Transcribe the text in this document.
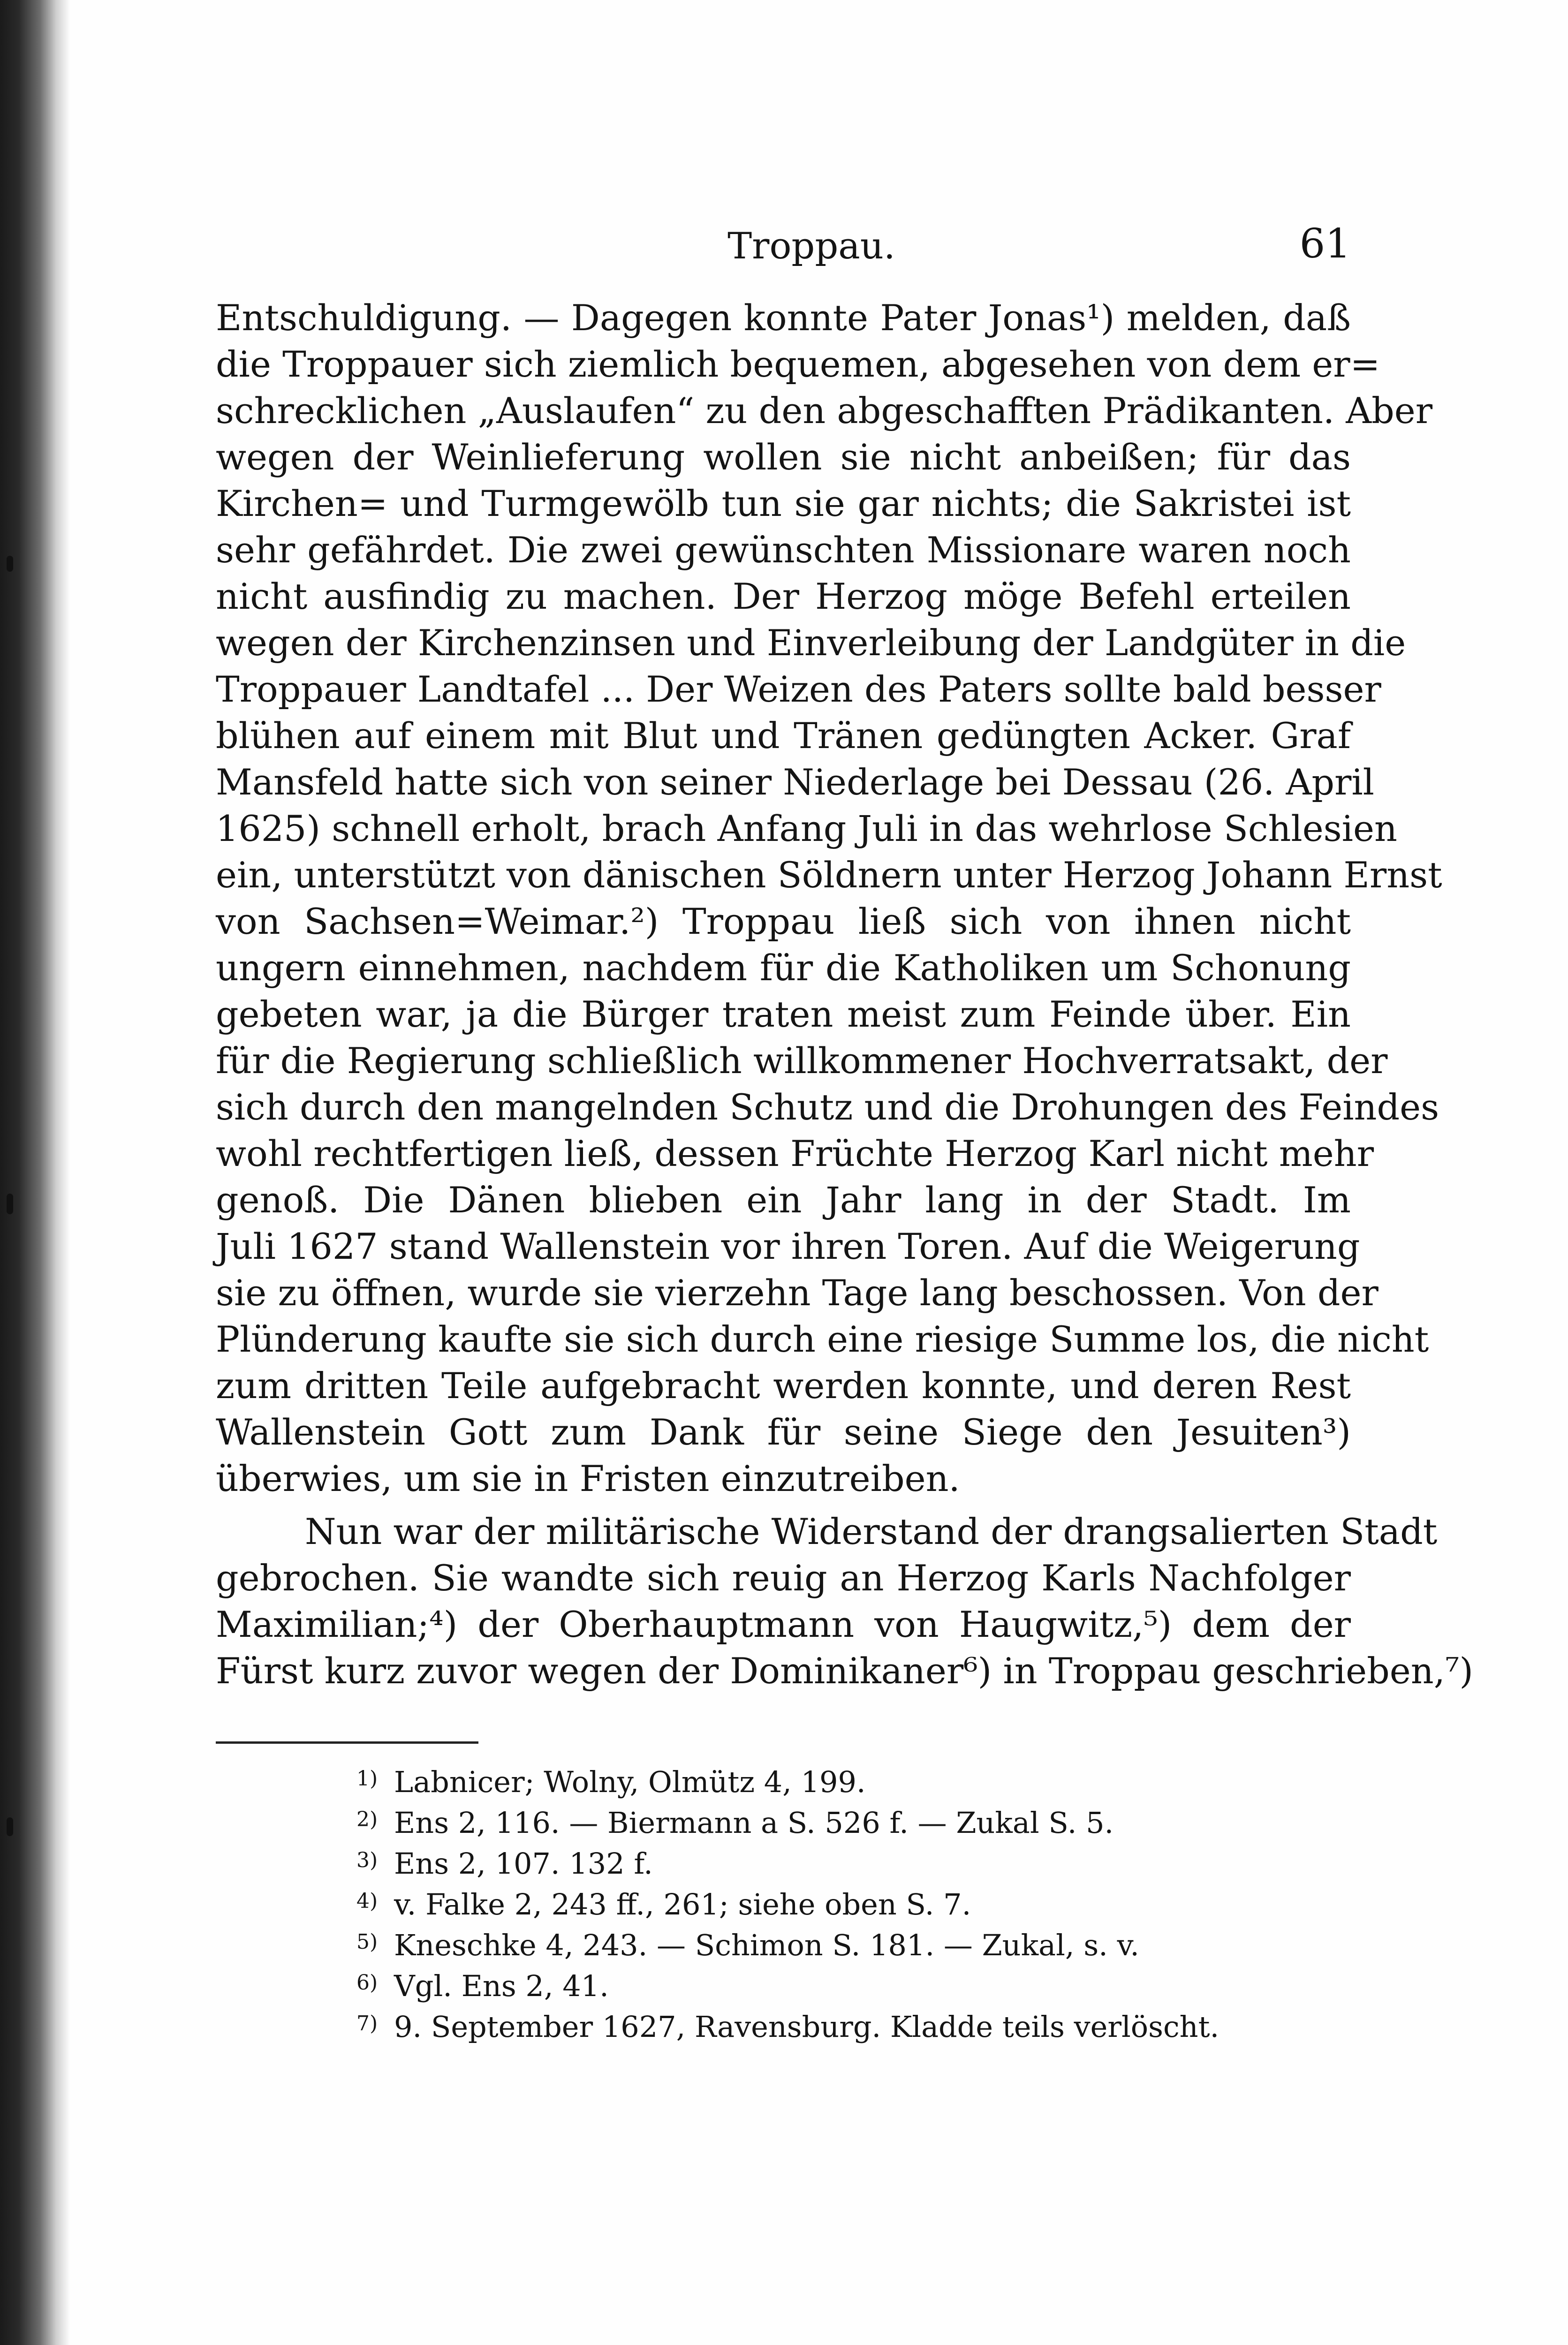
Troppau.	61

Entschuldigung. — Dagegen konnte Pater Jonas¹) melden, daß
die Troppauer sich ziemlich bequemen, abgesehen von dem er=
schrecklichen „Auslaufen“ zu den abgeschafften Prädikanten. Aber
wegen der Weinlieferung wollen sie nicht anbeißen; für das
Kirchen= und Turmgewölb tun sie gar nichts; die Sakristei ist
sehr gefährdet. Die zwei gewünschten Missionare waren noch
nicht ausfindig zu machen. Der Herzog möge Befehl erteilen
wegen der Kirchenzinsen und Einverleibung der Landgüter in die
Troppauer Landtafel ... Der Weizen des Paters sollte bald besser
blühen auf einem mit Blut und Tränen gedüngten Acker. Graf
Mansfeld hatte sich von seiner Niederlage bei Dessau (26. April
1625) schnell erholt, brach Anfang Juli in das wehrlose Schlesien
ein, unterstützt von dänischen Söldnern unter Herzog Johann Ernst
von Sachsen=Weimar.²) Troppau ließ sich von ihnen nicht
ungern einnehmen, nachdem für die Katholiken um Schonung
gebeten war, ja die Bürger traten meist zum Feinde über. Ein
für die Regierung schließlich willkommener Hochverratsakt, der
sich durch den mangelnden Schutz und die Drohungen des Feindes
wohl rechtfertigen ließ, dessen Früchte Herzog Karl nicht mehr
genoß. Die Dänen blieben ein Jahr lang in der Stadt. Im
Juli 1627 stand Wallenstein vor ihren Toren. Auf die Weigerung
sie zu öffnen, wurde sie vierzehn Tage lang beschossen. Von der
Plünderung kaufte sie sich durch eine riesige Summe los, die nicht
zum dritten Teile aufgebracht werden konnte, und deren Rest
Wallenstein Gott zum Dank für seine Siege den Jesuiten³)
überwies, um sie in Fristen einzutreiben.

Nun war der militärische Widerstand der drangsalierten Stadt
gebrochen. Sie wandte sich reuig an Herzog Karls Nachfolger
Maximilian;⁴) der Oberhauptmann von Haugwitz,⁵) dem der
Fürst kurz zuvor wegen der Dominikaner⁶) in Troppau geschrieben,⁷)

1) Labnicer; Wolny, Olmütz 4, 199.
2) Ens 2, 116. — Biermann a S. 526 f. — Zukal S. 5.
3) Ens 2, 107. 132 f.
4) v. Falke 2, 243 ff., 261; siehe oben S. 7.
5) Kneschke 4, 243. — Schimon S. 181. — Zukal, s. v.
6) Vgl. Ens 2, 41.
7) 9. September 1627, Ravensburg. Kladde teils verlöscht.
